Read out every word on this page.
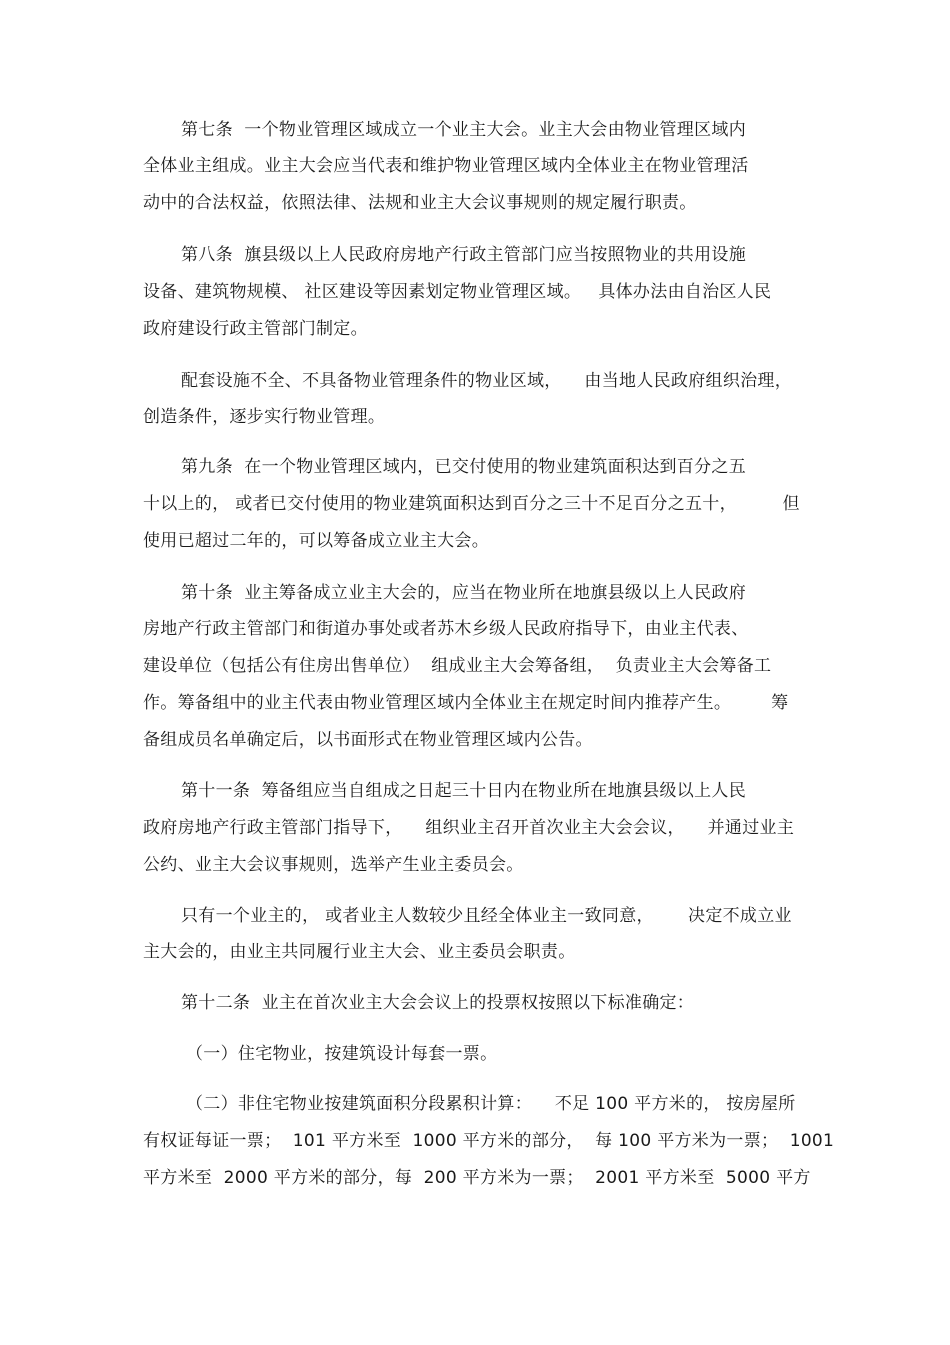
第七条  一个物业管理区域成立一个业主大会。业主大会由物业管理区域内
全体业主组成。业主大会应当代表和维护物业管理区域内全体业主在物业管理活
动中的合法权益，依照法律、法规和业主大会议事规则的规定履行职责。
第八条  旗县级以上人民政府房地产行政主管部门应当按照物业的共用设施
设备、建筑物规模、 社区建设等因素划定物业管理区域。   具体办法由自治区人民
政府建设行政主管部门制定。
配套设施不全、不具备物业管理条件的物业区域，    由当地人民政府组织治理，
创造条件，逐步实行物业管理。
第九条  在一个物业管理区域内，已交付使用的物业建筑面积达到百分之五
十以上的， 或者已交付使用的物业建筑面积达到百分之三十不足百分之五十，        但
使用已超过二年的，可以筹备成立业主大会。
第十条  业主筹备成立业主大会的，应当在物业所在地旗县级以上人民政府
房地产行政主管部门和街道办事处或者苏木乡级人民政府指导下，由业主代表、
建设单位（包括公有住房出售单位）  组成业主大会筹备组，  负责业主大会筹备工
作。筹备组中的业主代表由物业管理区域内全体业主在规定时间内推荐产生。       筹
备组成员名单确定后，以书面形式在物业管理区域内公告。
第十一条  筹备组应当自组成之日起三十日内在物业所在地旗县级以上人民
政府房地产行政主管部门指导下，    组织业主召开首次业主大会会议，    并通过业主
公约、业主大会议事规则，选举产生业主委员会。
只有一个业主的， 或者业主人数较少且经全体业主一致同意，      决定不成立业
主大会的，由业主共同履行业主大会、业主委员会职责。
第十二条  业主在首次业主大会会议上的投票权按照以下标准确定：
（一）住宅物业，按建筑设计每套一票。
（二）非住宅物业按建筑面积分段累积计算：    不足 100 平方米的， 按房屋所
有权证每证一票；  101 平方米至  1000 平方米的部分，  每 100 平方米为一票；  1001
平方米至  2000 平方米的部分，每  200 平方米为一票；  2001 平方米至  5000 平方
